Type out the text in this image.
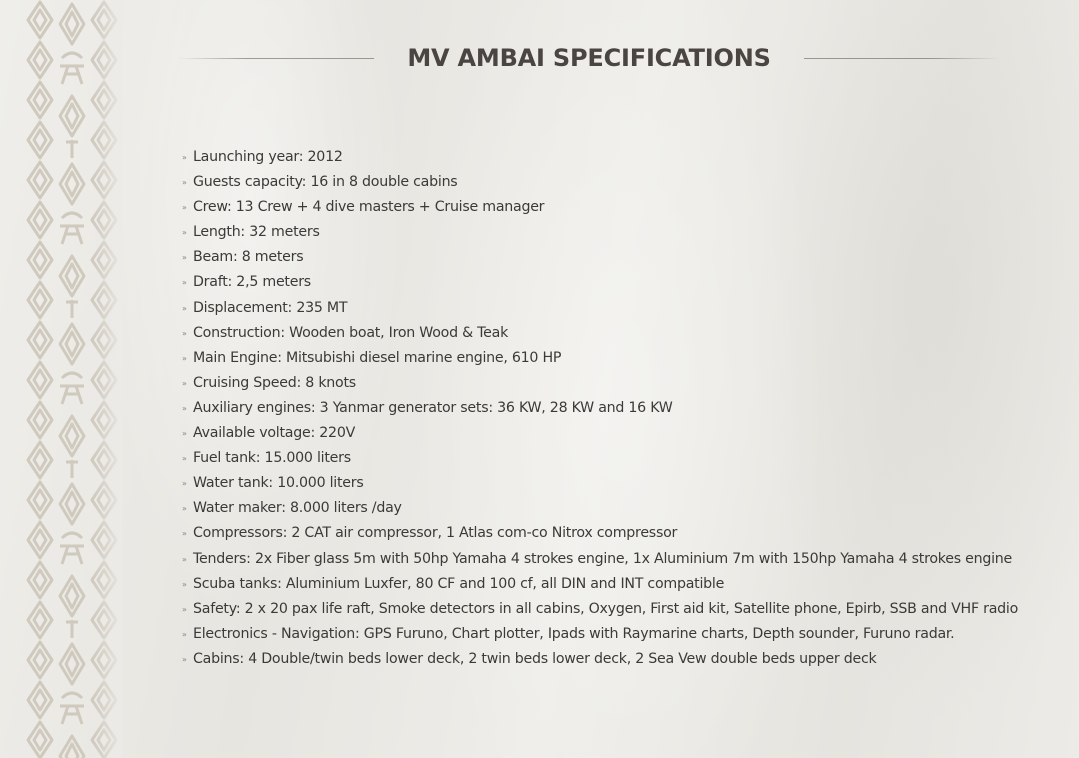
MV AMBAI SPECIFICATIONS
» Launching year: 2012
» Guests capacity: 16 in 8 double cabins
» Crew: 13 Crew + 4 dive masters + Cruise manager
» Length: 32 meters
» Beam: 8 meters
» Draft: 2,5 meters
» Displacement: 235 MT
» Construction: Wooden boat, Iron Wood & Teak
» Main Engine: Mitsubishi diesel marine engine, 610 HP
» Cruising Speed: 8 knots
» Auxiliary engines: 3 Yanmar generator sets: 36 KW, 28 KW and 16 KW
» Available voltage: 220V
» Fuel tank: 15.000 liters
» Water tank: 10.000 liters
» Water maker: 8.000 liters /day
» Compressors: 2 CAT air compressor, 1 Atlas com-co Nitrox compressor
» Tenders: 2x Fiber glass 5m with 50hp Yamaha 4 strokes engine, 1x Aluminium 7m with 150hp Yamaha 4 strokes engine
» Scuba tanks: Aluminium Luxfer, 80 CF and 100 cf, all DIN and INT compatible
» Safety: 2 x 20 pax life raft, Smoke detectors in all cabins, Oxygen, First aid kit, Satellite phone, Epirb, SSB and VHF radio
» Electronics - Navigation: GPS Furuno, Chart plotter, Ipads with Raymarine charts, Depth sounder, Furuno radar.
» Cabins: 4 Double/twin beds lower deck, 2 twin beds lower deck, 2 Sea Vew double beds upper deck
